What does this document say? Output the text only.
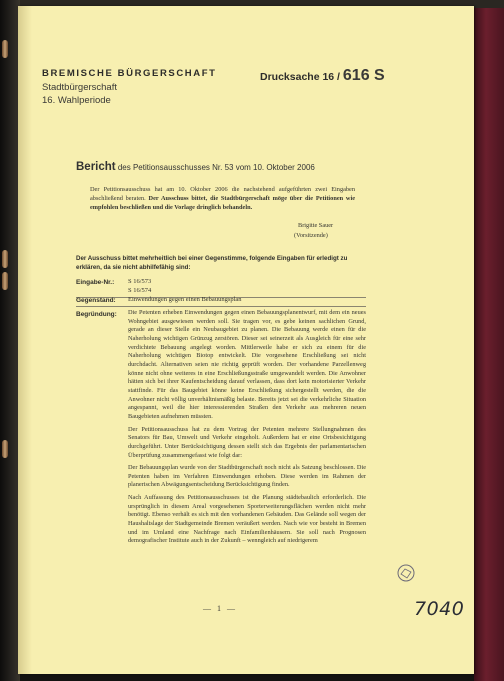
BREMISCHE BÜRGERSCHAFT
Stadtbürgerschaft
16. Wahlperiode
Drucksache 16 / 616 S
Bericht des Petitionsausschusses Nr. 53 vom 10. Oktober 2006
Der Petitionsausschuss hat am 10. Oktober 2006 die nachstehend aufgeführten zwei Eingaben abschließend beraten. Der Ausschuss bittet, die Stadtbürgerschaft möge über die Petitionen wie empfohlen beschließen und die Vorlage dringlich behandeln.
Brigitte Sauer
(Vorsitzende)
Der Ausschuss bittet mehrheitlich bei einer Gegenstimme, folgende Eingaben für erledigt zu erklären, da sie nicht abhilfefähig sind:
Eingabe-Nr.: S 16/573
S 16/574
Gegenstand: Einwendungen gegen einen Bebauungsplan
Begründung: Die Petenten erheben Einwendungen gegen einen Bebauungsplanentwurf, mit dem ein neues Wohngebiet ausgewiesen werden soll. Sie tragen vor, es gebe keinen sachlichen Grund, gerade an dieser Stelle ein Neubaugebiet zu planen. Die Bebauung werde einen für die Naherholung wichtigen Grünzug zerstören. Dieser sei seinerzeit als Ausgleich für eine sehr verdichtete Bebauung angelegt worden. Mittlerweile habe er sich zu einem für die Naherholung wichtigen Biotop entwickelt. Die vorgesehene Erschließung sei nicht durchdacht. Alternativen seien nie richtig geprüft worden. Der vorhandene Parzellenweg könne nicht ohne weiteres in eine Erschließungsstraße umgewandelt werden. Die Anwohner hätten sich bei ihrer Kaufentscheidung darauf verlassen, dass dort kein motorisierter Verkehr stattfinde. Für das Baugebiet könne keine Erschließung sichergestellt werden, die die Anwohner nicht völlig unverhältnismäßig belaste. Bereits jetzt sei die verkehrliche Situation angespannt, weil die hier interessierenden Straßen den Verkehr aus mehreren neuen Baugebieten aufnehmen müssten.

Der Petitionsausschuss hat zu dem Vortrag der Petenten mehrere Stellungnahmen des Senators für Bau, Umwelt und Verkehr eingeholt. Außerdem hat er eine Ortsbesichtigung durchgeführt. Unter Berücksichtigung dessen stellt sich das Ergebnis der parlamentarischen Überprüfung zusammengefasst wie folgt dar:

Der Bebauungsplan wurde von der Stadtbürgerschaft noch nicht als Satzung beschlossen. Die Petenten haben im Verfahren Einwendungen erhoben. Diese werden im Rahmen der planerischen Abwägungsentscheidung Berücksichtigung finden.

Nach Auffassung des Petitionsausschusses ist die Planung städtebaulich erforderlich. Die ursprünglich in diesem Areal vorgesehenen Sporterweiterungsflächen werden nicht mehr benötigt. Ebenso verhält es sich mit den vorhandenen Gebäuden. Das Gelände soll wegen der Haushaltslage der Stadtgemeinde Bremen veräußert werden. Nach wie vor besteht in Bremen und im Umland eine Nachfrage nach Einfamilienhäusern. Sie soll nach Prognosen demografischer Institute auch in der Zukunft – wenngleich auf niedrigerem

— 1 —	7040
